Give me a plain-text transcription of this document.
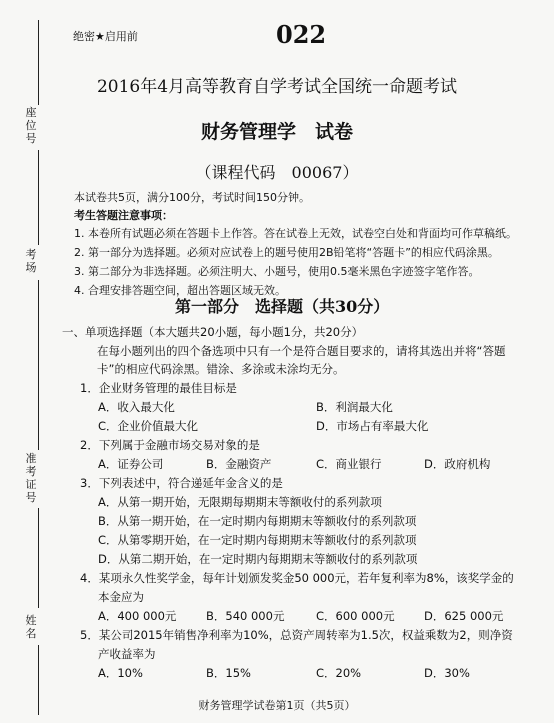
座位号
考场
准考证号
姓名
绝密★启用前	022
2016年4月高等教育自学考试全国统一命题考试
财务管理学　试卷
（课程代码　00067）
本试卷共5页，满分100分，考试时间150分钟。
考生答题注意事项：
1. 本卷所有试题必须在答题卡上作答。答在试卷上无效，试卷空白处和背面均可作草稿纸。
2. 第一部分为选择题。必须对应试卷上的题号使用2B铅笔将“答题卡”的相应代码涂黑。
3. 第二部分为非选择题。必须注明大、小题号，使用0.5毫米黑色字迹签字笔作答。
4. 合理安排答题空间，超出答题区域无效。
第一部分　选择题（共30分）
一、单项选择题（本大题共20小题，每小题1分，共20分）
在每小题列出的四个备选项中只有一个是符合题目要求的，请将其选出并将“答题
卡”的相应代码涂黑。错涂、多涂或未涂均无分。
1．企业财务管理的最佳目标是
A．收入最大化	B．利润最大化
C．企业价值最大化	D．市场占有率最大化
2．下列属于金融市场交易对象的是
A．证券公司	B．金融资产	C．商业银行	D．政府机构
3．下列表述中，符合递延年金含义的是
A．从第一期开始，无限期每期期末等额收付的系列款项
B．从第一期开始，在一定时期内每期期末等额收付的系列款项
C．从第零期开始，在一定时期内每期期末等额收付的系列款项
D．从第二期开始，在一定时期内每期期末等额收付的系列款项
4．某项永久性奖学金，每年计划颁发奖金50 000元，若年复利率为8%，该奖学金的
本金应为
A．400 000元	B．540 000元	C．600 000元	D．625 000元
5．某公司2015年销售净利率为10%，总资产周转率为1.5次，权益乘数为2，则净资
产收益率为
A．10%	B．15%	C．20%	D．30%
财务管理学试卷第1页（共5页）
